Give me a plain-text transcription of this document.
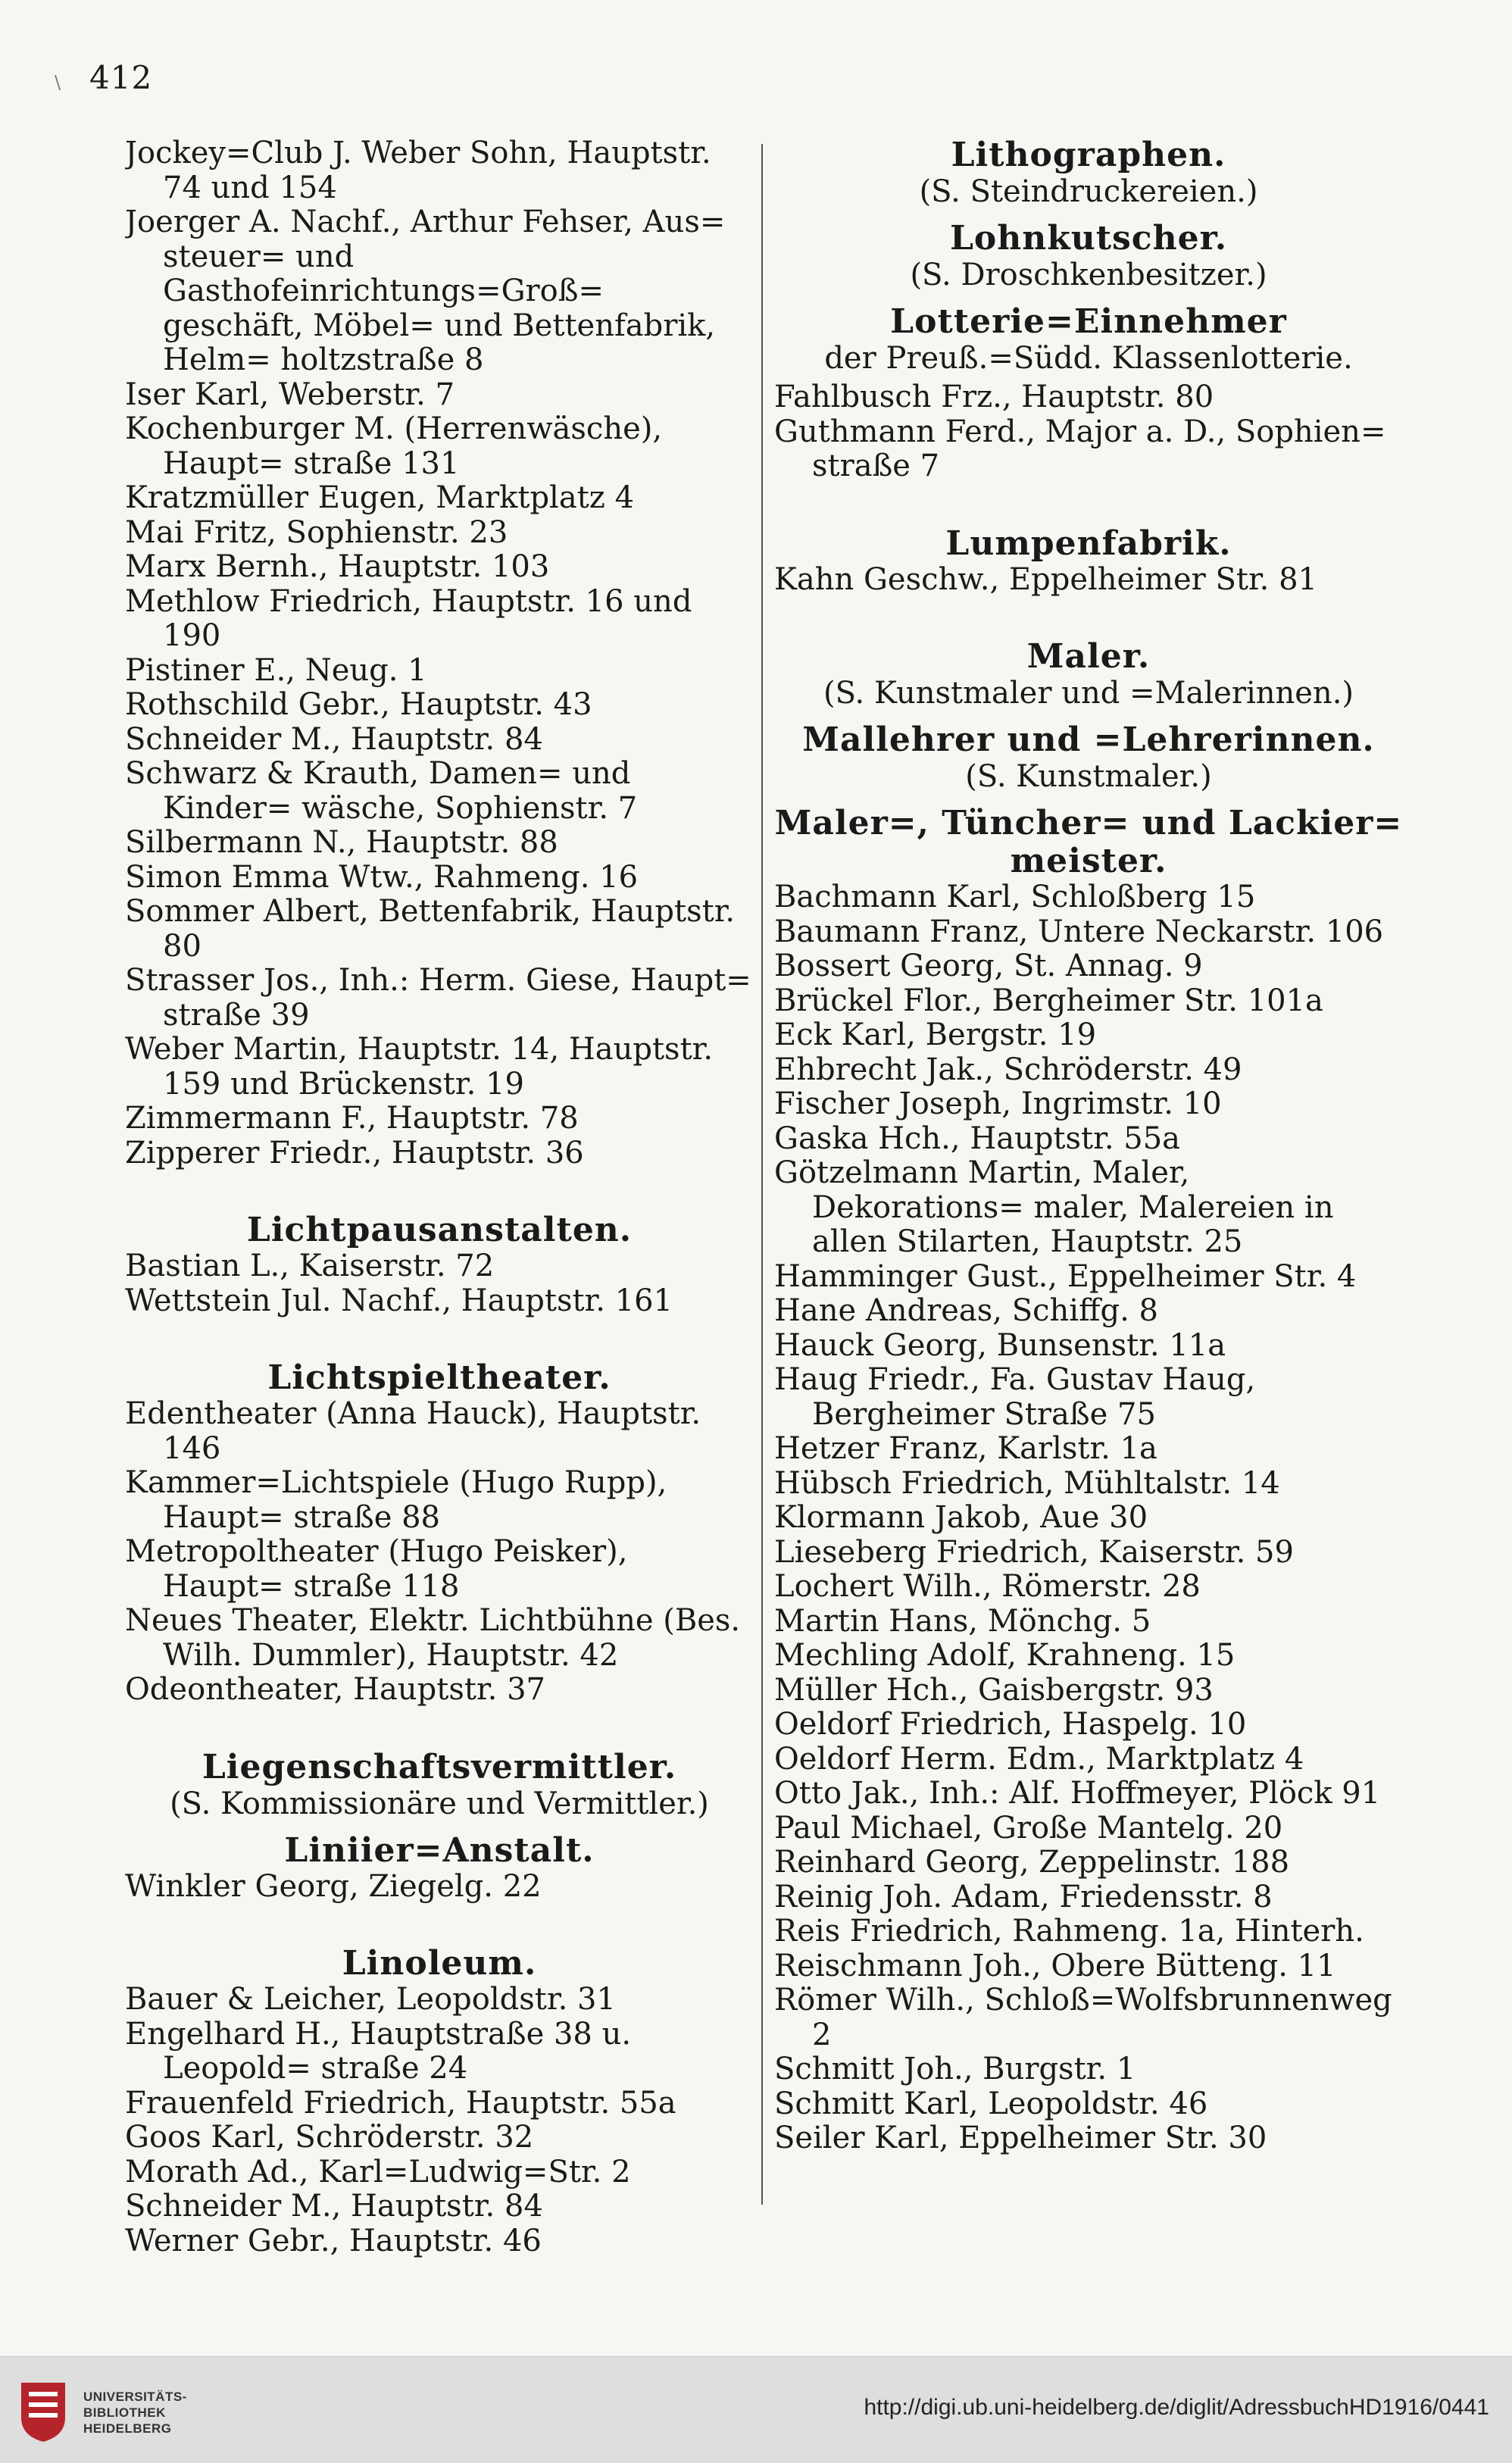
\ 412
Jockey=Club J. Weber Sohn, Hauptstr. 74 und 154
Joerger A. Nachf., Arthur Fehser, Aus= steuer= und Gasthofeinrichtungs=Groß= geschäft, Möbel= und Bettenfabrik, Helm= holtzstraße 8
Iser Karl, Weberstr. 7
Kochenburger M. (Herrenwäsche), Haupt= straße 131
Kratzmüller Eugen, Marktplatz 4
Mai Fritz, Sophienstr. 23
Marx Bernh., Hauptstr. 103
Methlow Friedrich, Hauptstr. 16 und 190
Pistiner E., Neug. 1
Rothschild Gebr., Hauptstr. 43
Schneider M., Hauptstr. 84
Schwarz & Krauth, Damen= und Kinder= wäsche, Sophienstr. 7
Silbermann N., Hauptstr. 88
Simon Emma Wtw., Rahmeng. 16
Sommer Albert, Bettenfabrik, Hauptstr. 80
Strasser Jos., Inh.: Herm. Giese, Haupt= straße 39
Weber Martin, Hauptstr. 14, Hauptstr. 159 und Brückenstr. 19
Zimmermann F., Hauptstr. 78
Zipperer Friedr., Hauptstr. 36
Lichtpausanstalten.
Bastian L., Kaiserstr. 72
Wettstein Jul. Nachf., Hauptstr. 161
Lichtspieltheater.
Edentheater (Anna Hauck), Hauptstr. 146
Kammer=Lichtspiele (Hugo Rupp), Haupt= straße 88
Metropoltheater (Hugo Peisker), Haupt= straße 118
Neues Theater, Elektr. Lichtbühne (Bes. Wilh. Dummler), Hauptstr. 42
Odeontheater, Hauptstr. 37
Liegenschaftsvermittler.
(S. Kommissionäre und Vermittler.)
Liniier=Anstalt.
Winkler Georg, Ziegelg. 22
Linoleum.
Bauer & Leicher, Leopoldstr. 31
Engelhard H., Hauptstraße 38 u. Leopold= straße 24
Frauenfeld Friedrich, Hauptstr. 55a
Goos Karl, Schröderstr. 32
Morath Ad., Karl=Ludwig=Str. 2
Schneider M., Hauptstr. 84
Werner Gebr., Hauptstr. 46
Lithographen.
(S. Steindruckereien.)
Lohnkutscher.
(S. Droschkenbesitzer.)
Lotterie=Einnehmer
der Preuß.=Südd. Klassenlotterie.
Fahlbusch Frz., Hauptstr. 80
Guthmann Ferd., Major a. D., Sophien= straße 7
Lumpenfabrik.
Kahn Geschw., Eppelheimer Str. 81
Maler.
(S. Kunstmaler und =Malerinnen.)
Mallehrer und =Lehrerinnen.
(S. Kunstmaler.)
Maler=, Tüncher= und Lackier= meister.
Bachmann Karl, Schloßberg 15
Baumann Franz, Untere Neckarstr. 106
Bossert Georg, St. Annag. 9
Brückel Flor., Bergheimer Str. 101a
Eck Karl, Bergstr. 19
Ehbrecht Jak., Schröderstr. 49
Fischer Joseph, Ingrimstr. 10
Gaska Hch., Hauptstr. 55a
Götzelmann Martin, Maler, Dekorations= maler, Malereien in allen Stilarten, Hauptstr. 25
Hamminger Gust., Eppelheimer Str. 4
Hane Andreas, Schiffg. 8
Hauck Georg, Bunsenstr. 11a
Haug Friedr., Fa. Gustav Haug, Bergheimer Straße 75
Hetzer Franz, Karlstr. 1a
Hübsch Friedrich, Mühltalstr. 14
Klormann Jakob, Aue 30
Lieseberg Friedrich, Kaiserstr. 59
Lochert Wilh., Römerstr. 28
Martin Hans, Mönchg. 5
Mechling Adolf, Krahneng. 15
Müller Hch., Gaisbergstr. 93
Oeldorf Friedrich, Haspelg. 10
Oeldorf Herm. Edm., Marktplatz 4
Otto Jak., Inh.: Alf. Hoffmeyer, Plöck 91
Paul Michael, Große Mantelg. 20
Reinhard Georg, Zeppelinstr. 188
Reinig Joh. Adam, Friedensstr. 8
Reis Friedrich, Rahmeng. 1a, Hinterh.
Reischmann Joh., Obere Bütteng. 11
Römer Wilh., Schloß=Wolfsbrunnenweg 2
Schmitt Joh., Burgstr. 1
Schmitt Karl, Leopoldstr. 46
Seiler Karl, Eppelheimer Str. 30
UNIVERSITÄTS-
BIBLIOTHEK
HEIDELBERG
http://digi.ub.uni-heidelberg.de/diglit/AdressbuchHD1916/0441
